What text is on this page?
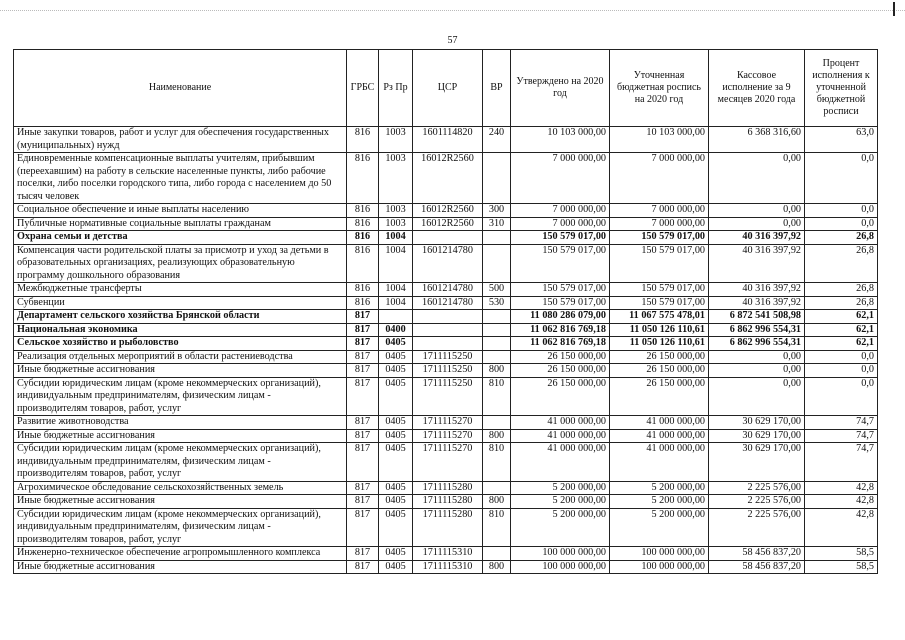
57
Наименование	ГРБС	Рз Пр	ЦСР	ВР	Утверждено на 2020 год	Уточненная бюджетная роспись на 2020 год	Кассовое исполнение за 9 месяцев 2020 года	Процент исполнения к уточненной бюджетной росписи
Иные закупки товаров, работ и услуг для обеспечения государственных (муниципальных) нужд	816	1003	1601114820	240	10 103 000,00	10 103 000,00	6 368 316,60	63,0
Единовременные компенсационные выплаты учителям, прибывшим (переехавшим) на работу в сельские населенные пункты, либо рабочие поселки, либо поселки городского типа, либо города с населением до 50 тысяч человек	816	1003	16012R2560		7 000 000,00	7 000 000,00	0,00	0,0
Социальное обеспечение и иные выплаты населению	816	1003	16012R2560	300	7 000 000,00	7 000 000,00	0,00	0,0
Публичные нормативные социальные выплаты гражданам	816	1003	16012R2560	310	7 000 000,00	7 000 000,00	0,00	0,0
Охрана семьи и детства	816	1004			150 579 017,00	150 579 017,00	40 316 397,92	26,8
Компенсация части родительской платы за присмотр и уход за детьми в образовательных организациях, реализующих образовательную программу дошкольного образования	816	1004	1601214780		150 579 017,00	150 579 017,00	40 316 397,92	26,8
Межбюджетные трансферты	816	1004	1601214780	500	150 579 017,00	150 579 017,00	40 316 397,92	26,8
Субвенции	816	1004	1601214780	530	150 579 017,00	150 579 017,00	40 316 397,92	26,8
Департамент сельского хозяйства Брянской области	817				11 080 286 079,00	11 067 575 478,01	6 872 541 508,98	62,1
Национальная экономика	817	0400			11 062 816 769,18	11 050 126 110,61	6 862 996 554,31	62,1
Сельское хозяйство и рыболовство	817	0405			11 062 816 769,18	11 050 126 110,61	6 862 996 554,31	62,1
Реализация отдельных мероприятий в области растениеводства	817	0405	1711115250		26 150 000,00	26 150 000,00	0,00	0,0
Иные бюджетные ассигнования	817	0405	1711115250	800	26 150 000,00	26 150 000,00	0,00	0,0
Субсидии юридическим лицам (кроме некоммерческих организаций), индивидуальным предпринимателям, физическим лицам - производителям товаров, работ, услуг	817	0405	1711115250	810	26 150 000,00	26 150 000,00	0,00	0,0
Развитие животноводства	817	0405	1711115270		41 000 000,00	41 000 000,00	30 629 170,00	74,7
Иные бюджетные ассигнования	817	0405	1711115270	800	41 000 000,00	41 000 000,00	30 629 170,00	74,7
Субсидии юридическим лицам (кроме некоммерческих организаций), индивидуальным предпринимателям, физическим лицам - производителям товаров, работ, услуг	817	0405	1711115270	810	41 000 000,00	41 000 000,00	30 629 170,00	74,7
Агрохимическое обследование сельскохозяйственных земель	817	0405	1711115280		5 200 000,00	5 200 000,00	2 225 576,00	42,8
Иные бюджетные ассигнования	817	0405	1711115280	800	5 200 000,00	5 200 000,00	2 225 576,00	42,8
Субсидии юридическим лицам (кроме некоммерческих организаций), индивидуальным предпринимателям, физическим лицам - производителям товаров, работ, услуг	817	0405	1711115280	810	5 200 000,00	5 200 000,00	2 225 576,00	42,8
Инженерно-техническое обеспечение агропромышленного комплекса	817	0405	1711115310		100 000 000,00	100 000 000,00	58 456 837,20	58,5
Иные бюджетные ассигнования	817	0405	1711115310	800	100 000 000,00	100 000 000,00	58 456 837,20	58,5
